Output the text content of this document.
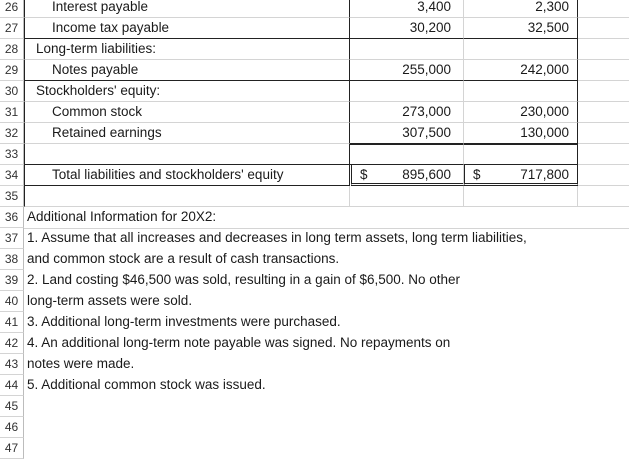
26	Interest payable	3,400	2,300
27	Income tax payable	30,200	32,500
28	Long-term liabilities:
29	Notes payable	255,000	242,000
30	Stockholders' equity:
31	Common stock	273,000	230,000
32	Retained earnings	307,500	130,000
33
34	Total liabilities and stockholders' equity	$	895,600 $	717,800
35
36 Additional Information for 20X2:
37 1. Assume that all increases and decreases in long term assets, long term liabilities,
38 and common stock are a result of cash transactions.
39 2. Land costing $46,500 was sold, resulting in a gain of $6,500. No other
40 long-term assets were sold.
41 3. Additional long-term investments were purchased.
42 4. An additional long-term note payable was signed. No repayments on
43 notes were made.
44 5. Additional common stock was issued.
45
46
47
